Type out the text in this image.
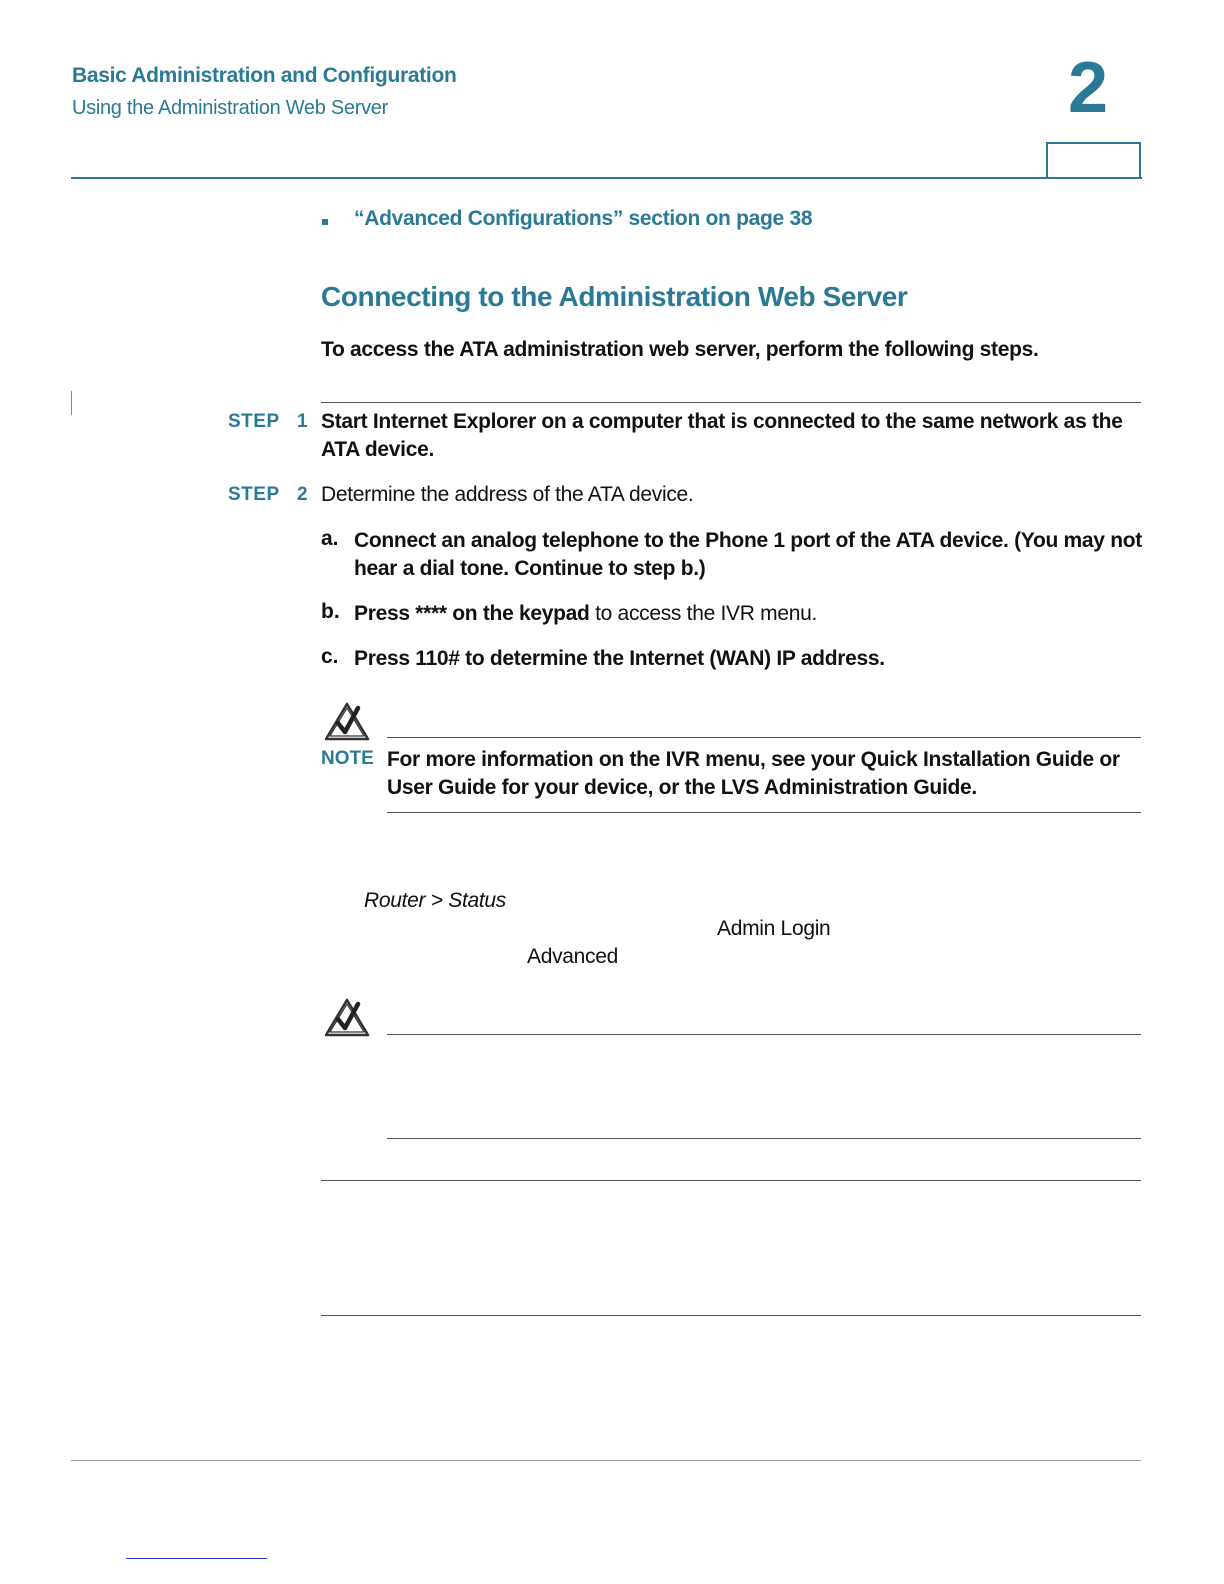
Basic Administration and Configuration
Using the Administration Web Server	2
“Advanced Configurations” section on page 38
Connecting to the Administration Web Server
To access the ATA administration web server, perform the following steps.
STEP 1 Start Internet Explorer on a computer that is connected to the same network as the ATA device.
STEP 2 Determine the address of the ATA device.
a. Connect an analog telephone to the Phone 1 port of the ATA device. (You may not hear a dial tone. Continue to step b.)
b. Press **** on the keypad to access the IVR menu.
c. Press 110# to determine the Internet (WAN) IP address.
NOTE For more information on the IVR menu, see your Quick Installation Guide or User Guide for your device, or the LVS Administration Guide.
Router > Status
Admin Login
Advanced
